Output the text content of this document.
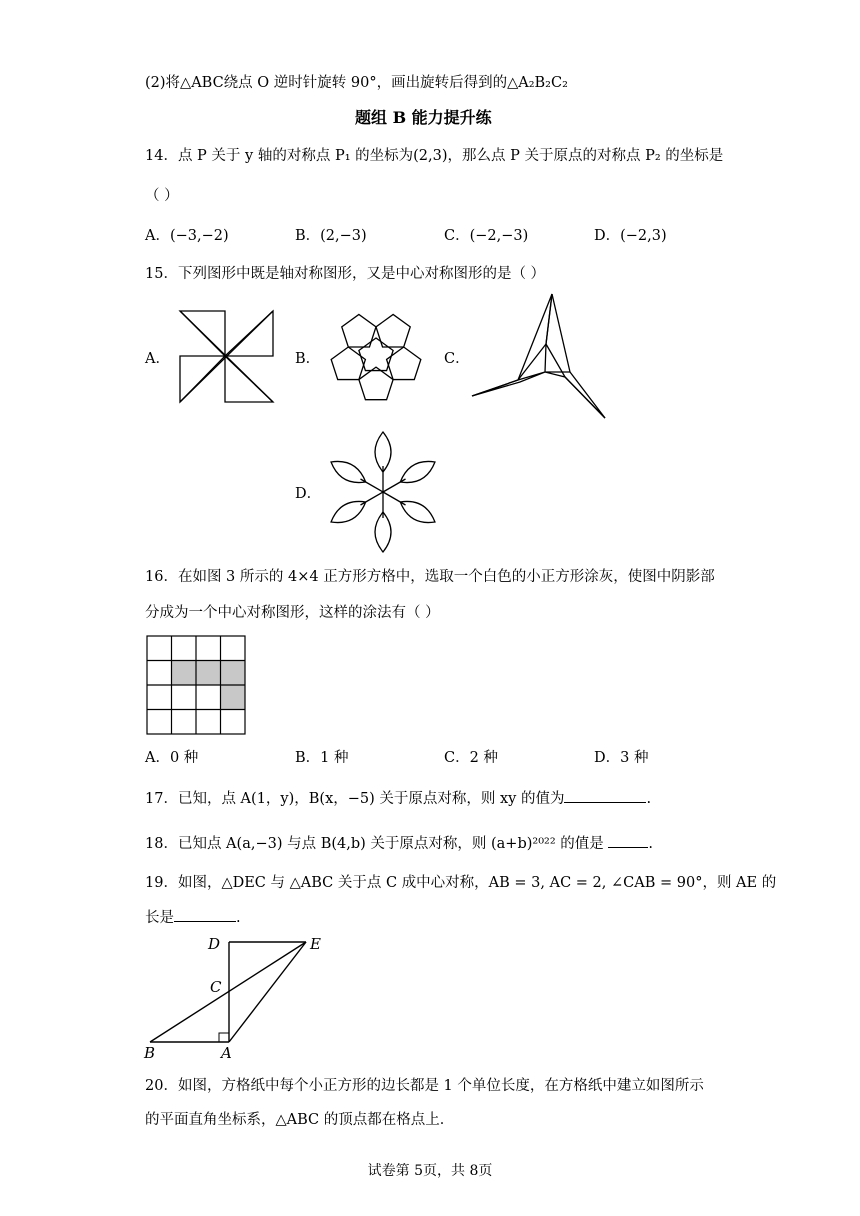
(2)将△ABC绕点 O 逆时针旋转 90°，画出旋转后得到的△A₂B₂C₂
题组 B 能力提升练
14．点 P 关于 y 轴的对称点 P₁ 的坐标为(2,3)，那么点 P 关于原点的对称点 P₂ 的坐标是
（ ）
A．(−3,−2)	B．(2,−3)	C．(−2,−3)	D．(−2,3)
15．下列图形中既是轴对称图形，又是中心对称图形的是（ ）
A．	B．	C．
D．
16．在如图 3 所示的 4×4 正方形方格中，选取一个白色的小正方形涂灰，使图中阴影部
分成为一个中心对称图形，这样的涂法有（ ）
A．0 种	B．1 种	C．2 种	D．3 种
17．已知，点 A(1，y)，B(x，−5) 关于原点对称，则 xy 的值为	.
18．已知点 A(a,−3) 与点 B(4,b) 关于原点对称，则 (a+b)²⁰²² 的值是	.
19．如图，△DEC 与 △ABC 关于点 C 成中心对称，AB = 3, AC = 2, ∠CAB = 90°，则 AE 的
长是	.
D	E
C
B	A
20．如图，方格纸中每个小正方形的边长都是 1 个单位长度，在方格纸中建立如图所示
的平面直角坐标系，△ABC 的顶点都在格点上．
试卷第 5页，共 8页
